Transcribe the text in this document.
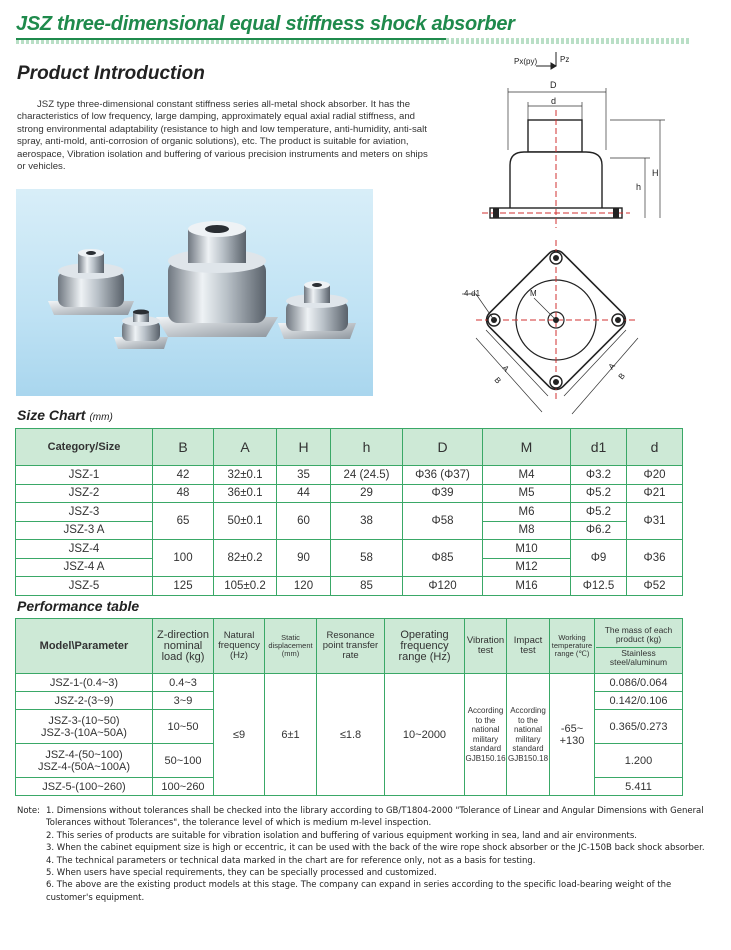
JSZ three-dimensional equal stiffness shock absorber
Product Introduction
JSZ type three-dimensional constant stiffness series all-metal shock absorber. It has the characteristics of low frequency, large damping, approximately equal axial radial stiffness, and strong environmental adaptability (resistance to high and low temperature, anti-humidity, anti-salt spray, anti-mold, anti-corrosion of organic solutions), etc. The product is suitable for aviation, aerospace, Vibration isolation and buffering of various precision instruments and meters on ships or vehicles.
Px(py)	Pz
D
d
h
H
4-d1	M
A
B
A
B
Size Chart (mm)
Category/Size	B	A	H	h	D	M	d1	d
JSZ-1	42	32±0.1	35	24 (24.5)	Φ36 (Φ37)	M4	Φ3.2	Φ20
JSZ-2	48	36±0.1	44	29	Φ39	M5	Φ5.2	Φ21
JSZ-3	65	50±0.1	60	38	Φ58	M6	Φ5.2	Φ31
JSZ-3 A						M8	Φ6.2	
JSZ-4	100	82±0.2	90	58	Φ85	M10	Φ9	Φ36
JSZ-4 A						M12		
JSZ-5	125	105±0.2	120	85	Φ120	M16	Φ12.5	Φ52
Performance table
Model\Parameter	Z-direction nominal load (kg)	Natural frequency (Hz)	Static displacement (mm)	Resonance point transfer rate	Operating frequency range (Hz)	Vibration test	Impact test	Working temperature range (℃)	The mass of each product (kg)
Stainless steel/aluminum

JSZ-1-(0.4~3)	0.4~3	≤9	6±1	≤1.8	10~2000	According to the national military standard GJB150.16	According to the national military standard GJB150.18	-65~ +130	0.086/0.064
JSZ-2-(3~9)	3~9								0.142/0.106

JSZ-3-(10~50)
JSZ-3-(10A~50A)	10~50								0.365/0.273

JSZ-4-(50~100)
JSZ-4-(50A~100A)	50~100								1.200
JSZ-5-(100~260)	100~260								5.411
Note: 1. Dimensions without tolerances shall be checked into the library according to GB/T1804-2000 "Tolerance of Linear and Angular Dimensions with General Tolerances without Tolerances", the tolerance level of which is medium m-level inspection.
2. This series of products are suitable for vibration isolation and buffering of various equipment working in sea, land and air environments.
3. When the cabinet equipment size is high or eccentric, it can be used with the back of the wire rope shock absorber or the JC-150B back shock absorber.
4. The technical parameters or technical data marked in the chart are for reference only, not as a basis for testing.
5. When users have special requirements, they can be specially processed and customized.
6. The above are the existing product models at this stage. The company can expand in series according to the specific load-bearing weight of the customer's equipment.
